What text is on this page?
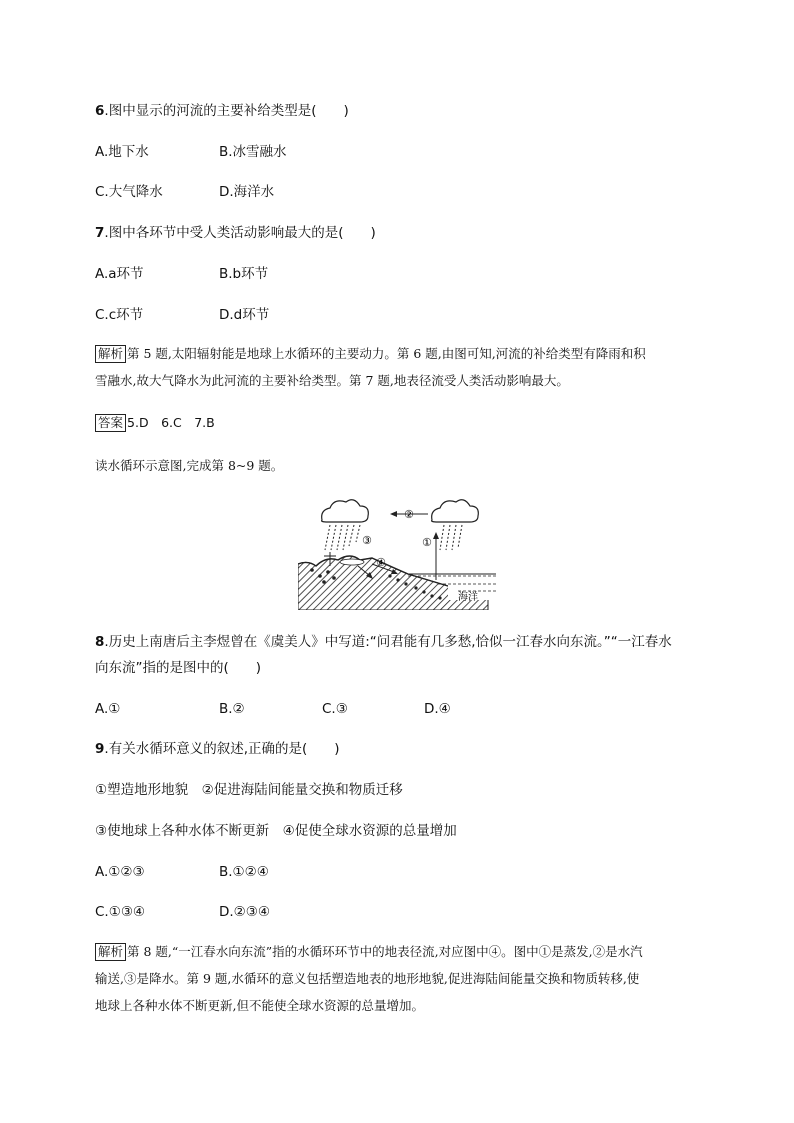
6.图中显示的河流的主要补给类型是(　　)
A.地下水	B.冰雪融水
C.大气降水	D.海洋水
7.图中各环节中受人类活动影响最大的是(　　)
A.a环节	B.b环节
C.c环节	D.d环节
解析 第 5 题,太阳辐射能是地球上水循环的主要动力。第 6 题,由图可知,河流的补给类型有降雨和积
雪融水,故大气降水为此河流的主要补给类型。第 7 题,地表径流受人类活动影响最大。
答案 5.D　6.C　7.B
读水循环示意图,完成第 8~9 题。
②
③	①
④
海洋
8.历史上南唐后主李煜曾在《虞美人》中写道:“问君能有几多愁,恰似一江春水向东流。”“一江春水
向东流”指的是图中的(　　)
A.①	B.②	C.③	D.④
9.有关水循环意义的叙述,正确的是(　　)
①塑造地形地貌　②促进海陆间能量交换和物质迁移
③使地球上各种水体不断更新　④促使全球水资源的总量增加
A.①②③	B.①②④
C.①③④	D.②③④
解析 第 8 题,“一江春水向东流”指的水循环环节中的地表径流,对应图中④。图中①是蒸发,②是水汽
输送,③是降水。第 9 题,水循环的意义包括塑造地表的地形地貌,促进海陆间能量交换和物质转移,使
地球上各种水体不断更新,但不能使全球水资源的总量增加。
